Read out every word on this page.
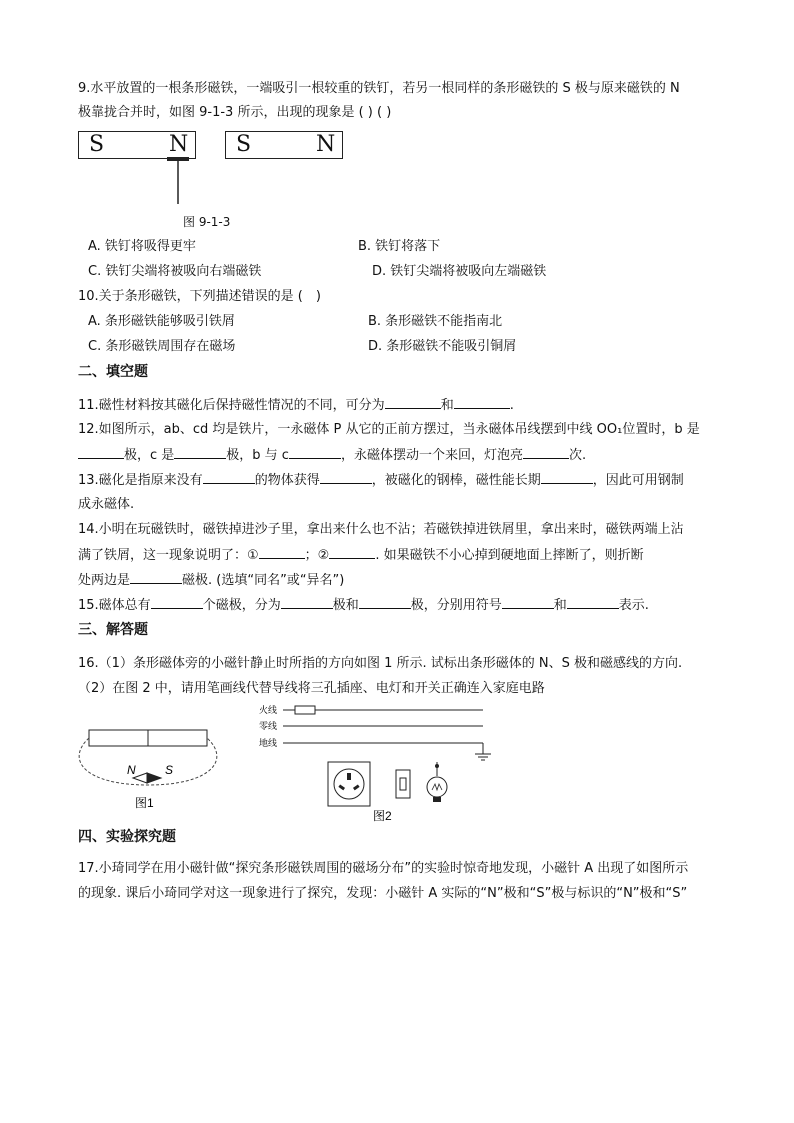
9.水平放置的一根条形磁铁，一端吸引一根较重的铁钉，若另一根同样的条形磁铁的 S 极与原来磁铁的 N
极靠拢合并时，如图 9-1-3 所示，出现的现象是 ( ) ( )
S	N S	N
图 9-1-3
A. 铁钉将吸得更牢	B. 铁钉将落下
C. 铁钉尖端将被吸向右端磁铁	D. 铁钉尖端将被吸向左端磁铁
10.关于条形磁铁，下列描述错误的是 (　)
A. 条形磁铁能够吸引铁屑	B. 条形磁铁不能指南北
C. 条形磁铁周围存在磁场	D. 条形磁铁不能吸引铜屑
二、填空题
11.磁性材料按其磁化后保持磁性情况的不同，可分为	和	.
12.如图所示，ab、cd 均是铁片，一永磁体 P 从它的正前方摆过，当永磁体吊线摆到中线 OO₁位置时，b 是
极，c 是	极，b 与 c	，永磁体摆动一个来回，灯泡亮	次.
13.磁化是指原来没有	的物体获得	，被磁化的钢棒，磁性能长期	，因此可用钢制
成永磁体.
14.小明在玩磁铁时，磁铁掉进沙子里，拿出来什么也不沾；若磁铁掉进铁屑里，拿出来时，磁铁两端上沾
满了铁屑，这一现象说明了：①	；②	. 如果磁铁不小心掉到硬地面上摔断了，则折断
处两边是	磁极. (选填“同名”或“异名”)
15.磁体总有	个磁极，分为	极和	极，分别用符号	和	表示.
三、解答题
16.（1）条形磁体旁的小磁针静止时所指的方向如图 1 所示. 试标出条形磁体的 N、S 极和磁感线的方向.
（2）在图 2 中，请用笔画线代替导线将三孔插座、电灯和开关正确连入家庭电路
N S
图1
火线
零线
地线
图2
四、实验探究题
17.小琦同学在用小磁针做“探究条形磁铁周围的磁场分布”的实验时惊奇地发现，小磁针 A 出现了如图所示
的现象. 课后小琦同学对这一现象进行了探究，发现：小磁针 A 实际的“N”极和“S”极与标识的“N”极和“S”
